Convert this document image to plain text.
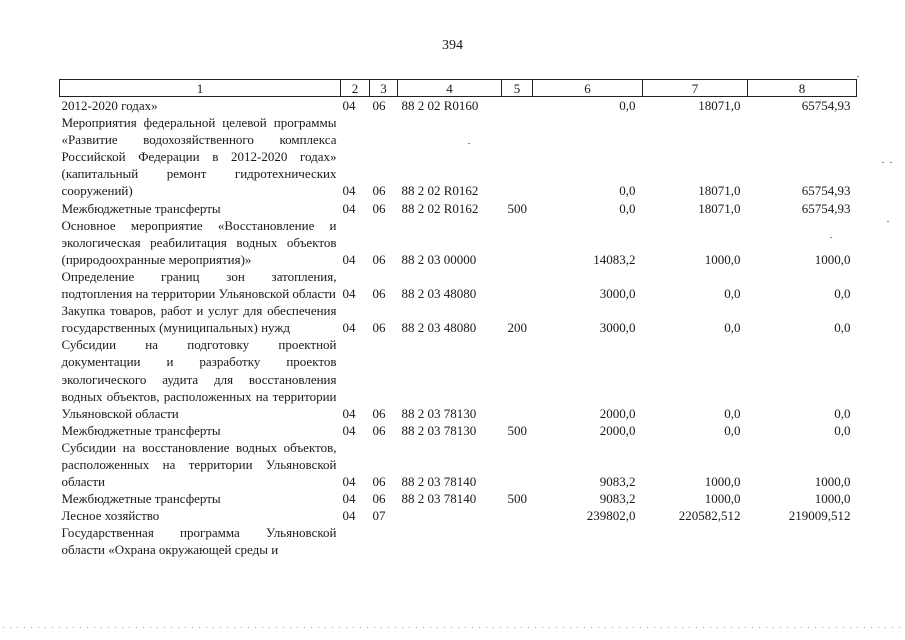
394
1	2	3	4	5	6	7	8
2012-2020 годах»	04	06	88 2 02 R0160		0,0	18071,0	65754,93
Мероприятия федеральной целевой программы «Развитие водохозяйственного комплекса Российской Федерации в 2012-2020 годах» (капитальный ремонт гидротехнических сооружений)	04	06	88 2 02 R0162		0,0	18071,0	65754,93
Межбюджетные трансферты	04	06	88 2 02 R0162	500	0,0	18071,0	65754,93
Основное мероприятие «Восстановление и экологическая реабилитация водных объектов (природоохранные мероприятия)»	04	06	88 2 03 00000		14083,2	1000,0	1000,0
Определение границ зон затопления, подтопления на территории Ульяновской области	04	06	88 2 03 48080		3000,0	0,0	0,0
Закупка товаров, работ и услуг для обеспечения государственных (муниципальных) нужд	04	06	88 2 03 48080	200	3000,0	0,0	0,0
Субсидии на подготовку проектной документации и разработку проектов экологического аудита для восстановления водных объектов, расположенных на территории Ульяновской области	04	06	88 2 03 78130		2000,0	0,0	0,0
Межбюджетные трансферты	04	06	88 2 03 78130	500	2000,0	0,0	0,0
Субсидии на восстановление водных объектов, расположенных на территории Ульяновской области	04	06	88 2 03 78140		9083,2	1000,0	1000,0
Межбюджетные трансферты	04	06	88 2 03 78140	500	9083,2	1000,0	1000,0
Лесное хозяйство	04	07			239802,0	220582,512	219009,512
Государственная программа Ульяновской области «Охрана окружающей среды и							
